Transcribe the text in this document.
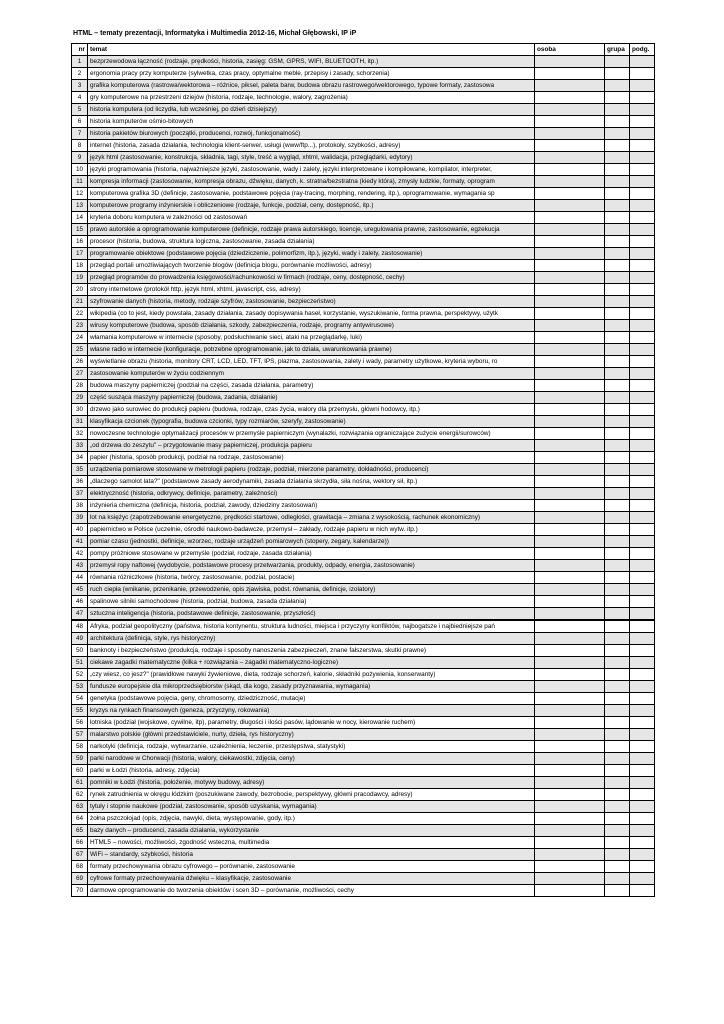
HTML – tematy prezentacji, Informatyka i Multimedia 2012-16, Michał Głębowski, IP iP
nr	temat	osoba	grupa	podg.
1	bezprzewodowa łączność (rodzaje, prędkości, historia, zasięg: GSM, GPRS, WIFI, BLUETOOTH, itp.)			
2	ergonomia pracy przy komputerze (sylwetka, czas pracy, optymalne meble, przepisy i zasady, schorzenia)			
3	grafika komputerowa (rastrowa/wektorowa – różnice, piksel, paleta barw, budowa obrazu rastrowego/wektorowego, typowe formaty, zastosowa			
4	gry komputerowe na przestrzeni dziejów (historia, rodzaje, technologie, walory, zagrożenia)			
5	historia komputera (od liczydła, lub wcześniej, po dzień dzisiejszy)			
6	historia komputerów ośmio-bitowych			
7	historia pakietów biurowych (początki, producenci, rozwój, funkcjonalność)			
8	internet (historia, zasada działania, technologia klient-serwer, usługi (www/ftp...), protokoły, szybkości, adresy)			
9	język html (zastosowanie, konstrukcja, składnia, tagi, style, treść a wygląd, xhtml, walidacja, przeglądarki, edytory)			
10	języki programowania (historia, najważniejsze języki, zastosowanie, wady i zalety, języki interpretowane i kompilowane, kompilator, interpreter,			
11	kompresja informacji (zastosowanie, kompresja obrazu, dźwięku, danych, k. stratna/bezstratna (kiedy która), zmysły ludzkie, formaty, oprogram			
12	komputerowa grafika 3D (definicje, zastosowanie, podstawowe pojęcia (ray-tracing, morphing, rendering, itp.), oprogramowanie, wymagania sp			
13	komputerowe programy inżynierskie i obliczeniowe (rodzaje, funkcje, podział, ceny, dostępność, itp.)			
14	kryteria doboru komputera w zależności od zastosowań			
15	prawo autorskie a oprogramowanie komputerowe (definicje, rodzaje prawa autorskiego, licencje, uregulowania prawne, zastosowanie, egzekucja			
16	procesor (historia, budowa, struktura logiczna, zastosowanie, zasada działania)			
17	programowanie obiektowe (podstawowe pojęcia (dziedziczenie, polimorfizm, itp.), języki, wady i zalety, zastosowanie)			
18	przegląd portali umożliwiających tworzenie blogów (definicja blogu, porównanie możliwości, adresy)			
19	przegląd programów do prowadzenia księgowości/rachunkowości w firmach (rodzaje, ceny, dostępność, cechy)			
20	strony internetowe (protokół http, język html, xhtml, javascript, css, adresy)			
21	szyfrowanie danych (historia, metody, rodzaje szyfrów, zastosowanie, bezpieczeństwo)			
22	wikipedia (co to jest, kiedy powstała, zasady działania, zasady dopisywania haseł, korzystanie, wyszukiwanie, forma prawna, perspektywy, użytk			
23	wirusy komputerowe (budowa, sposób działania, szkody, zabezpieczenia, rodzaje, programy antywirusowe)			
24	włamania komputerowe w internecie (sposoby, podsłuchiwanie sieci, ataki na przeglądarkę, luki)			
25	własne radio w internecie (konfiguracje, potrzebne oprogramowanie, jak to działa, uwarunkowania prawne)			
26	wyświetlanie obrazu (historia, monitory CRT, LCD, LED, TFT, IPS, plazma, zastosowania, zalety i wady, parametry użytkowe, kryteria wyboru, ro			
27	zastosowanie komputerów w życiu codziennym			
28	budowa maszyny papierniczej (podział na części, zasada działania, parametry)			
29	część susząca maszyny papierniczej (budowa, zadania, działanie)			
30	drzewo jako surowiec do produkcji papieru (budowa, rodzaje, czas życia, walory dla przemysłu, główni hodowcy, itp.)			
31	klasyfikacja czcionek (typografia, budowa czcionki, typy rozmiarów, szeryfy, zastosowanie)			
32	nowoczesne technologie optymalizacji procesów w przemyśle papierniczym (wynalazki, rozwiązania ograniczające zużycie energii/surowców)			
33	„od drzewa do zeszytu" – przygotowanie masy papierniczej, produkcja papieru			
34	papier (historia, sposób produkcji, podział na rodzaje, zastosowanie)			
35	urządzenia pomiarowe stosowane w metrologii papieru (rodzaje, podział, mierzone parametry, dokładności, producenci)			
36	„dlaczego samolot lata?" (podstawowe zasady aerodynamiki, zasada działania skrzydła, siła nośna, wektory sił, itp.)			
37	elektryczność (historia, odkrywcy, definicje, parametry, zależności)			
38	inżynieria chemiczna (definicja, historia, podział, zawody, dziedziny zastosowań)			
39	lot na księżyc (zapotrzebowanie energetyczne, prędkości startowe, odległości, grawitacja – zmiana z wysokością, rachunek ekonomiczny)			
40	papiernictwo w Polsce (uczelnie, ośrodki naukowo-badawcze, przemysł – zakłady, rodzaje papieru w nich wytw. itp.)			
41	pomiar czasu (jednostki, definicje, wzorzec, rodzaje urządzeń pomiarowych (stopery, zegary, kalendarze))			
42	pompy próżniowe stosowane w przemyśle (podział, rodzaje, zasada działania)			
43	przemysł ropy naftowej (wydobycie, podstawowe procesy przetwarzania, produkty, odpady, energia, zastosowanie)			
44	równania różniczkowe (historia, twórcy, zastosowanie, podział, postacie)			
45	ruch ciepła (wnikanie, przenikanie, przewodzenie, opis zjawiska, podst. równania, definicje, izolatory)			
46	spalinowe silniki samochodowe (historia, podział, budowa, zasada działania)			
47	sztuczna inteligencja (historia, podstawowe definicje, zastosowanie, przyszłość)			
48	Afryka, podział geopolityczny (państwa, historia kontynentu, struktura ludności, miejsca i przyczyny konfliktów, najbogatsze i najbiedniejsze pań			
49	architektura (definicja, style, rys historyczny)			
50	banknoty i bezpieczeństwo (produkcja, rodzaje i sposoby nanoszenia zabezpieczeń, znane fałszerstwa, skutki prawne)			
51	ciekawe zagadki matematyczne (kilka + rozwiązania – zagadki matematyczno-logiczne)			
52	„czy wiesz, co jesz?" (prawidłowe nawyki żywieniowe, dieta, rodzaje schorzeń, kalorie, składniki pożywienia, konserwanty)			
53	fundusze europejskie dla mikroprzedsiębiorstw (skąd, dla kogo, zasady przyznawania, wymagania)			
54	genetyka (podstawowe pojęcia, geny, chromosomy, dziedziczność, mutacje)			
55	kryzys na rynkach finansowych (geneza, przyczyny, rokowania)			
56	lotniska (podział (wojskowe, cywilne, itp), parametry, długości i ilości pasów, lądowanie w nocy, kierowanie ruchem)			
57	malarstwo polskie (główni przedstawiciele, nurty, dzieła, rys historyczny)			
58	narkotyki (definicja, rodzaje, wytwarzanie, uzależnienia, leczenie, przestępstwa, statystyki)			
59	parki narodowe w Chorwacji (historia, walory, ciekawostki, zdjęcia, ceny)			
60	parki w Łodzi (historia, adresy, zdjęcia)			
61	pomniki w Łodzi (historia, położenie, motywy budowy, adresy)			
62	rynek zatrudnienia w okręgu łódzkim (poszukiwane zawody, bezrobocie, perspektywy, główni pracodawcy, adresy)			
63	tytuły i stopnie naukowe (podział, zastosowanie, sposób uzyskania, wymagania)			
64	żołna pszczołojad (opis, zdjęcia, nawyki, dieta, występowanie, gody, itp.)			
65	bazy danych – producenci, zasada działania, wykorzystanie			
66	HTML5 – nowości, możliwości, zgodność wsteczna, multimedia			
67	WiFi – standardy, szybkości, historia			
68	formaty przechowywania obrazu cyfrowego – porównanie, zastosowanie			
69	cyfrowe formaty przechowywania dźwięku – klasyfikacje, zastosowanie			
70	darmowe oprogramowanie do tworzenia obiektów i scen 3D – porównanie, możliwości, cechy			
